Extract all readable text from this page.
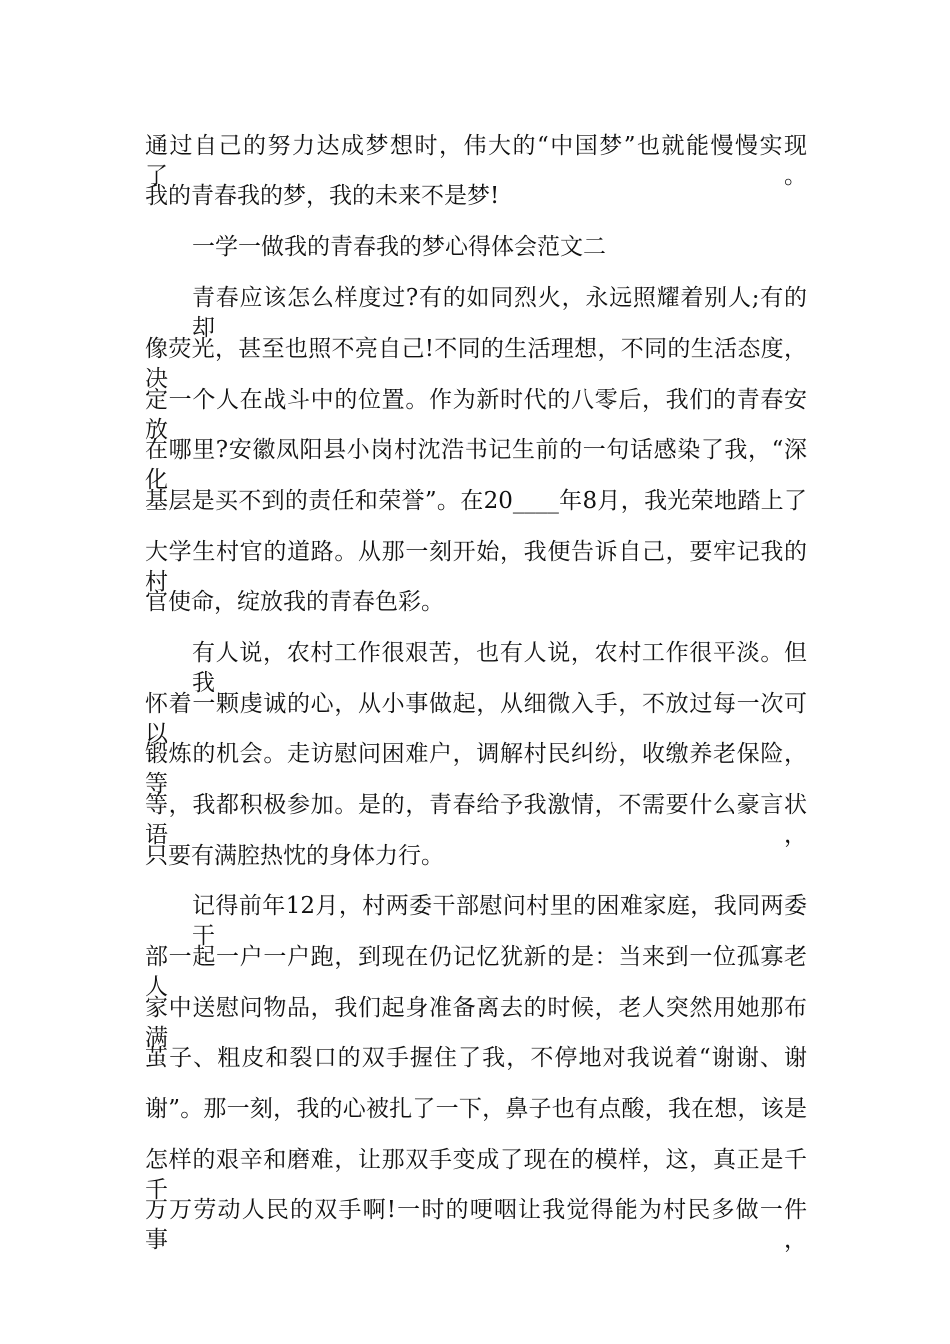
通过自己的努力达成梦想时，伟大的“中国梦”也就能慢慢实现了。
我的青春我的梦，我的未来不是梦!
一学一做我的青春我的梦心得体会范文二
青春应该怎么样度过?有的如同烈火，永远照耀着别人;有的却
像荧光，甚至也照不亮自己!不同的生活理想，不同的生活态度，决
定一个人在战斗中的位置。作为新时代的八零后，我们的青春安放
在哪里?安徽凤阳县小岗村沈浩书记生前的一句话感染了我，“深化
基层是买不到的责任和荣誉”。在20____年8月，我光荣地踏上了
大学生村官的道路。从那一刻开始，我便告诉自己，要牢记我的村
官使命，绽放我的青春色彩。
有人说，农村工作很艰苦，也有人说，农村工作很平淡。但我
怀着一颗虔诚的心，从小事做起，从细微入手，不放过每一次可以
锻炼的机会。走访慰问困难户，调解村民纠纷，收缴养老保险，等
等，我都积极参加。是的，青春给予我激情，不需要什么豪言状语，
只要有满腔热忱的身体力行。
记得前年12月，村两委干部慰问村里的困难家庭，我同两委干
部一起一户一户跑，到现在仍记忆犹新的是：当来到一位孤寡老人
家中送慰问物品，我们起身准备离去的时候，老人突然用她那布满
茧子、粗皮和裂口的双手握住了我，不停地对我说着“谢谢、谢
谢”。那一刻，我的心被扎了一下，鼻子也有点酸，我在想，该是
怎样的艰辛和磨难，让那双手变成了现在的模样，这，真正是千千
万万劳动人民的双手啊!一时的哽咽让我觉得能为村民多做一件事，
